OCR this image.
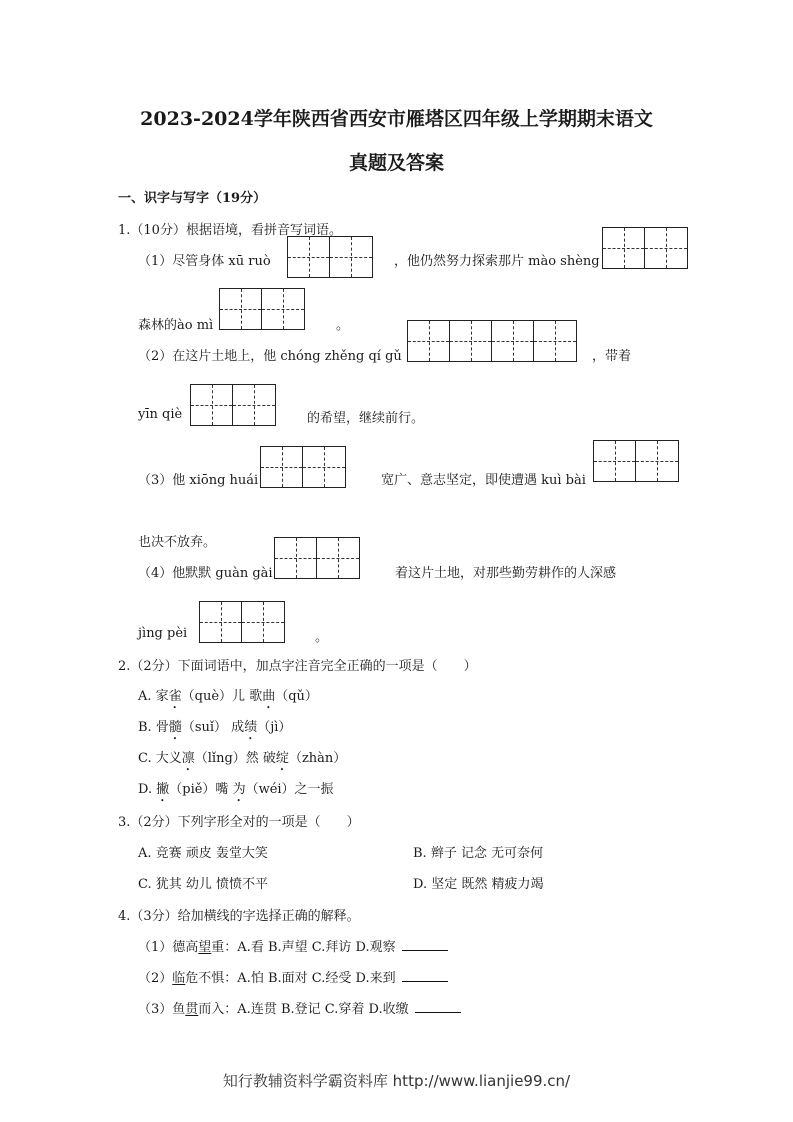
2023-2024学年陕西省西安市雁塔区四年级上学期期末语文
真题及答案
一、识字与写字（19分）
1.（10分）根据语境，看拼音写词语。
（1）尽管身体 xū ruò	，他仍然努力探索那片 mào shèng
森林的ào mì	。
（2）在这片土地上，他 chóng zhěng qí gǔ	，带着
yīn qiè	的希望，继续前行。
（3）他 xiōng huái	宽广、意志坚定，即使遭遇 kuì bài
也决不放弃。
（4）他默默 guàn gài	着这片土地，对那些勤劳耕作的人深感
jìng pèi	。
2.（2分）下面词语中，加点字注音完全正确的一项是（　　）
A. 家雀（què）儿 歌曲（qǔ）
B. 骨髓（suǐ） 成绩（jì）
C. 大义凛（lǐng）然 破绽（zhàn）
D. 撇（piě）嘴 为（wéi）之一振
3.（2分）下列字形全对的一项是（　　）
A. 竞赛 顽皮 轰堂大笑	B. 辫子 记念 无可奈何
C. 犹其 幼儿 愤愤不平	D. 坚定 既然 精疲力竭
4.（3分）给加横线的字选择正确的解释。
（1）德高望重：A.看 B.声望 C.拜访 D.观察
（2）临危不惧：A.怕 B.面对 C.经受 D.来到
（3）鱼贯而入：A.连贯 B.登记 C.穿着 D.收缴
知行教辅资料学霸资料库 http://www.lianjie99.cn/
